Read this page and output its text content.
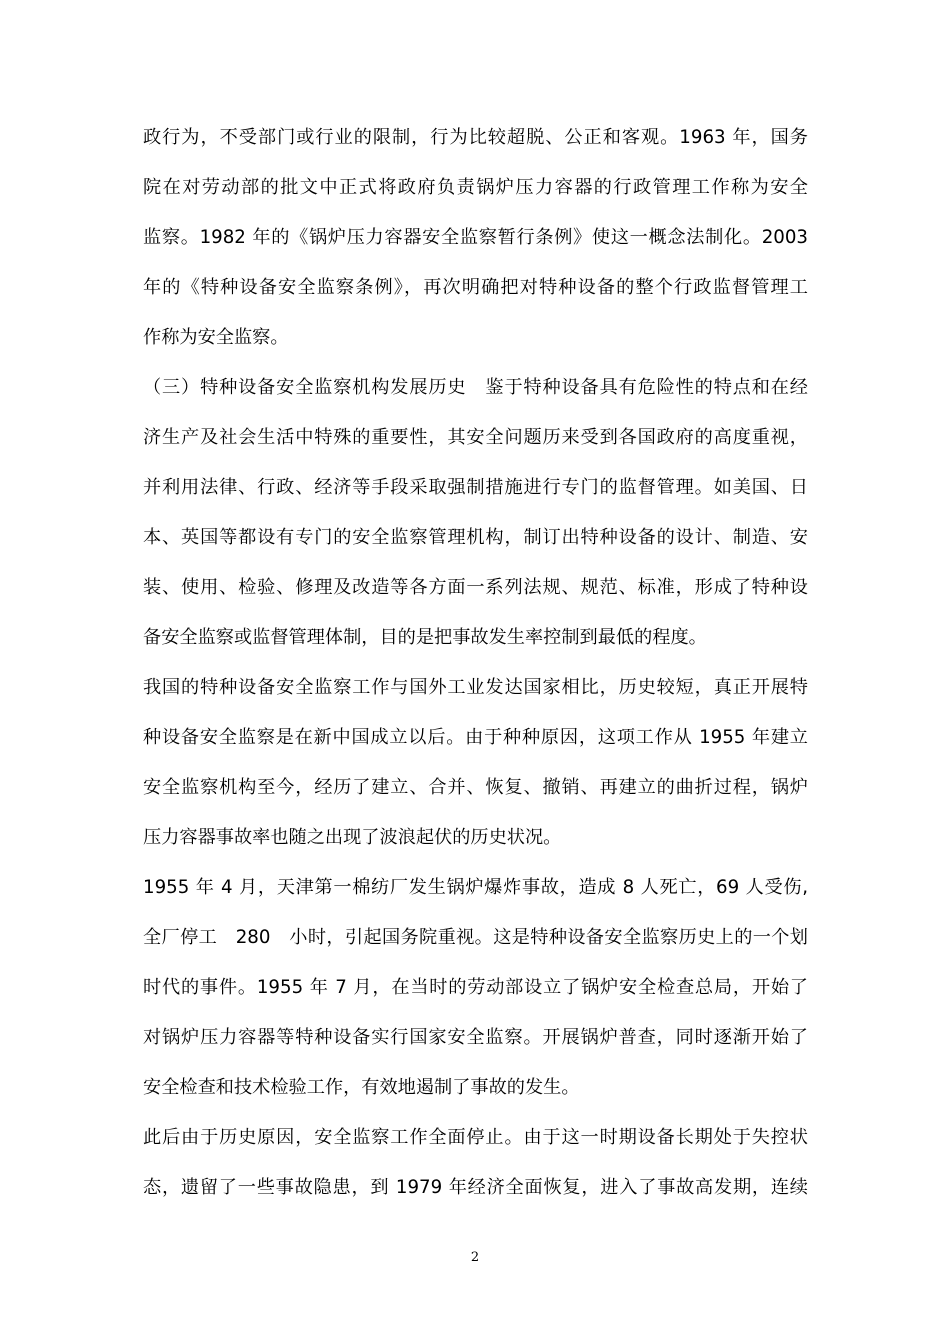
政行为，不受部门或行业的限制，行为比较超脱、公正和客观。1963 年，国务
院在对劳动部的批文中正式将政府负责锅炉压力容器的行政管理工作称为安全
监察。1982 年的《锅炉压力容器安全监察暂行条例》使这一概念法制化。2003
年的《特种设备安全监察条例》，再次明确把对特种设备的整个行政监督管理工
作称为安全监察。
（三）特种设备安全监察机构发展历史　鉴于特种设备具有危险性的特点和在经
济生产及社会生活中特殊的重要性，其安全问题历来受到各国政府的高度重视，
并利用法律、行政、经济等手段采取强制措施进行专门的监督管理。如美国、日
本、英国等都设有专门的安全监察管理机构，制订出特种设备的设计、制造、安
装、使用、检验、修理及改造等各方面一系列法规、规范、标准，形成了特种设
备安全监察或监督管理体制，目的是把事故发生率控制到最低的程度。
我国的特种设备安全监察工作与国外工业发达国家相比，历史较短，真正开展特
种设备安全监察是在新中国成立以后。由于种种原因，这项工作从 1955 年建立
安全监察机构至今，经历了建立、合并、恢复、撤销、再建立的曲折过程，锅炉
压力容器事故率也随之出现了波浪起伏的历史状况。
1955 年 4 月，天津第一棉纺厂发生锅炉爆炸事故，造成 8 人死亡，69 人受伤,
全厂停工　280　小时，引起国务院重视。这是特种设备安全监察历史上的一个划
时代的事件。1955 年 7 月，在当时的劳动部设立了锅炉安全检查总局，开始了
对锅炉压力容器等特种设备实行国家安全监察。开展锅炉普查，同时逐渐开始了
安全检查和技术检验工作，有效地遏制了事故的发生。
此后由于历史原因，安全监察工作全面停止。由于这一时期设备长期处于失控状
态，遗留了一些事故隐患，到 1979 年经济全面恢复，进入了事故高发期，连续
2
